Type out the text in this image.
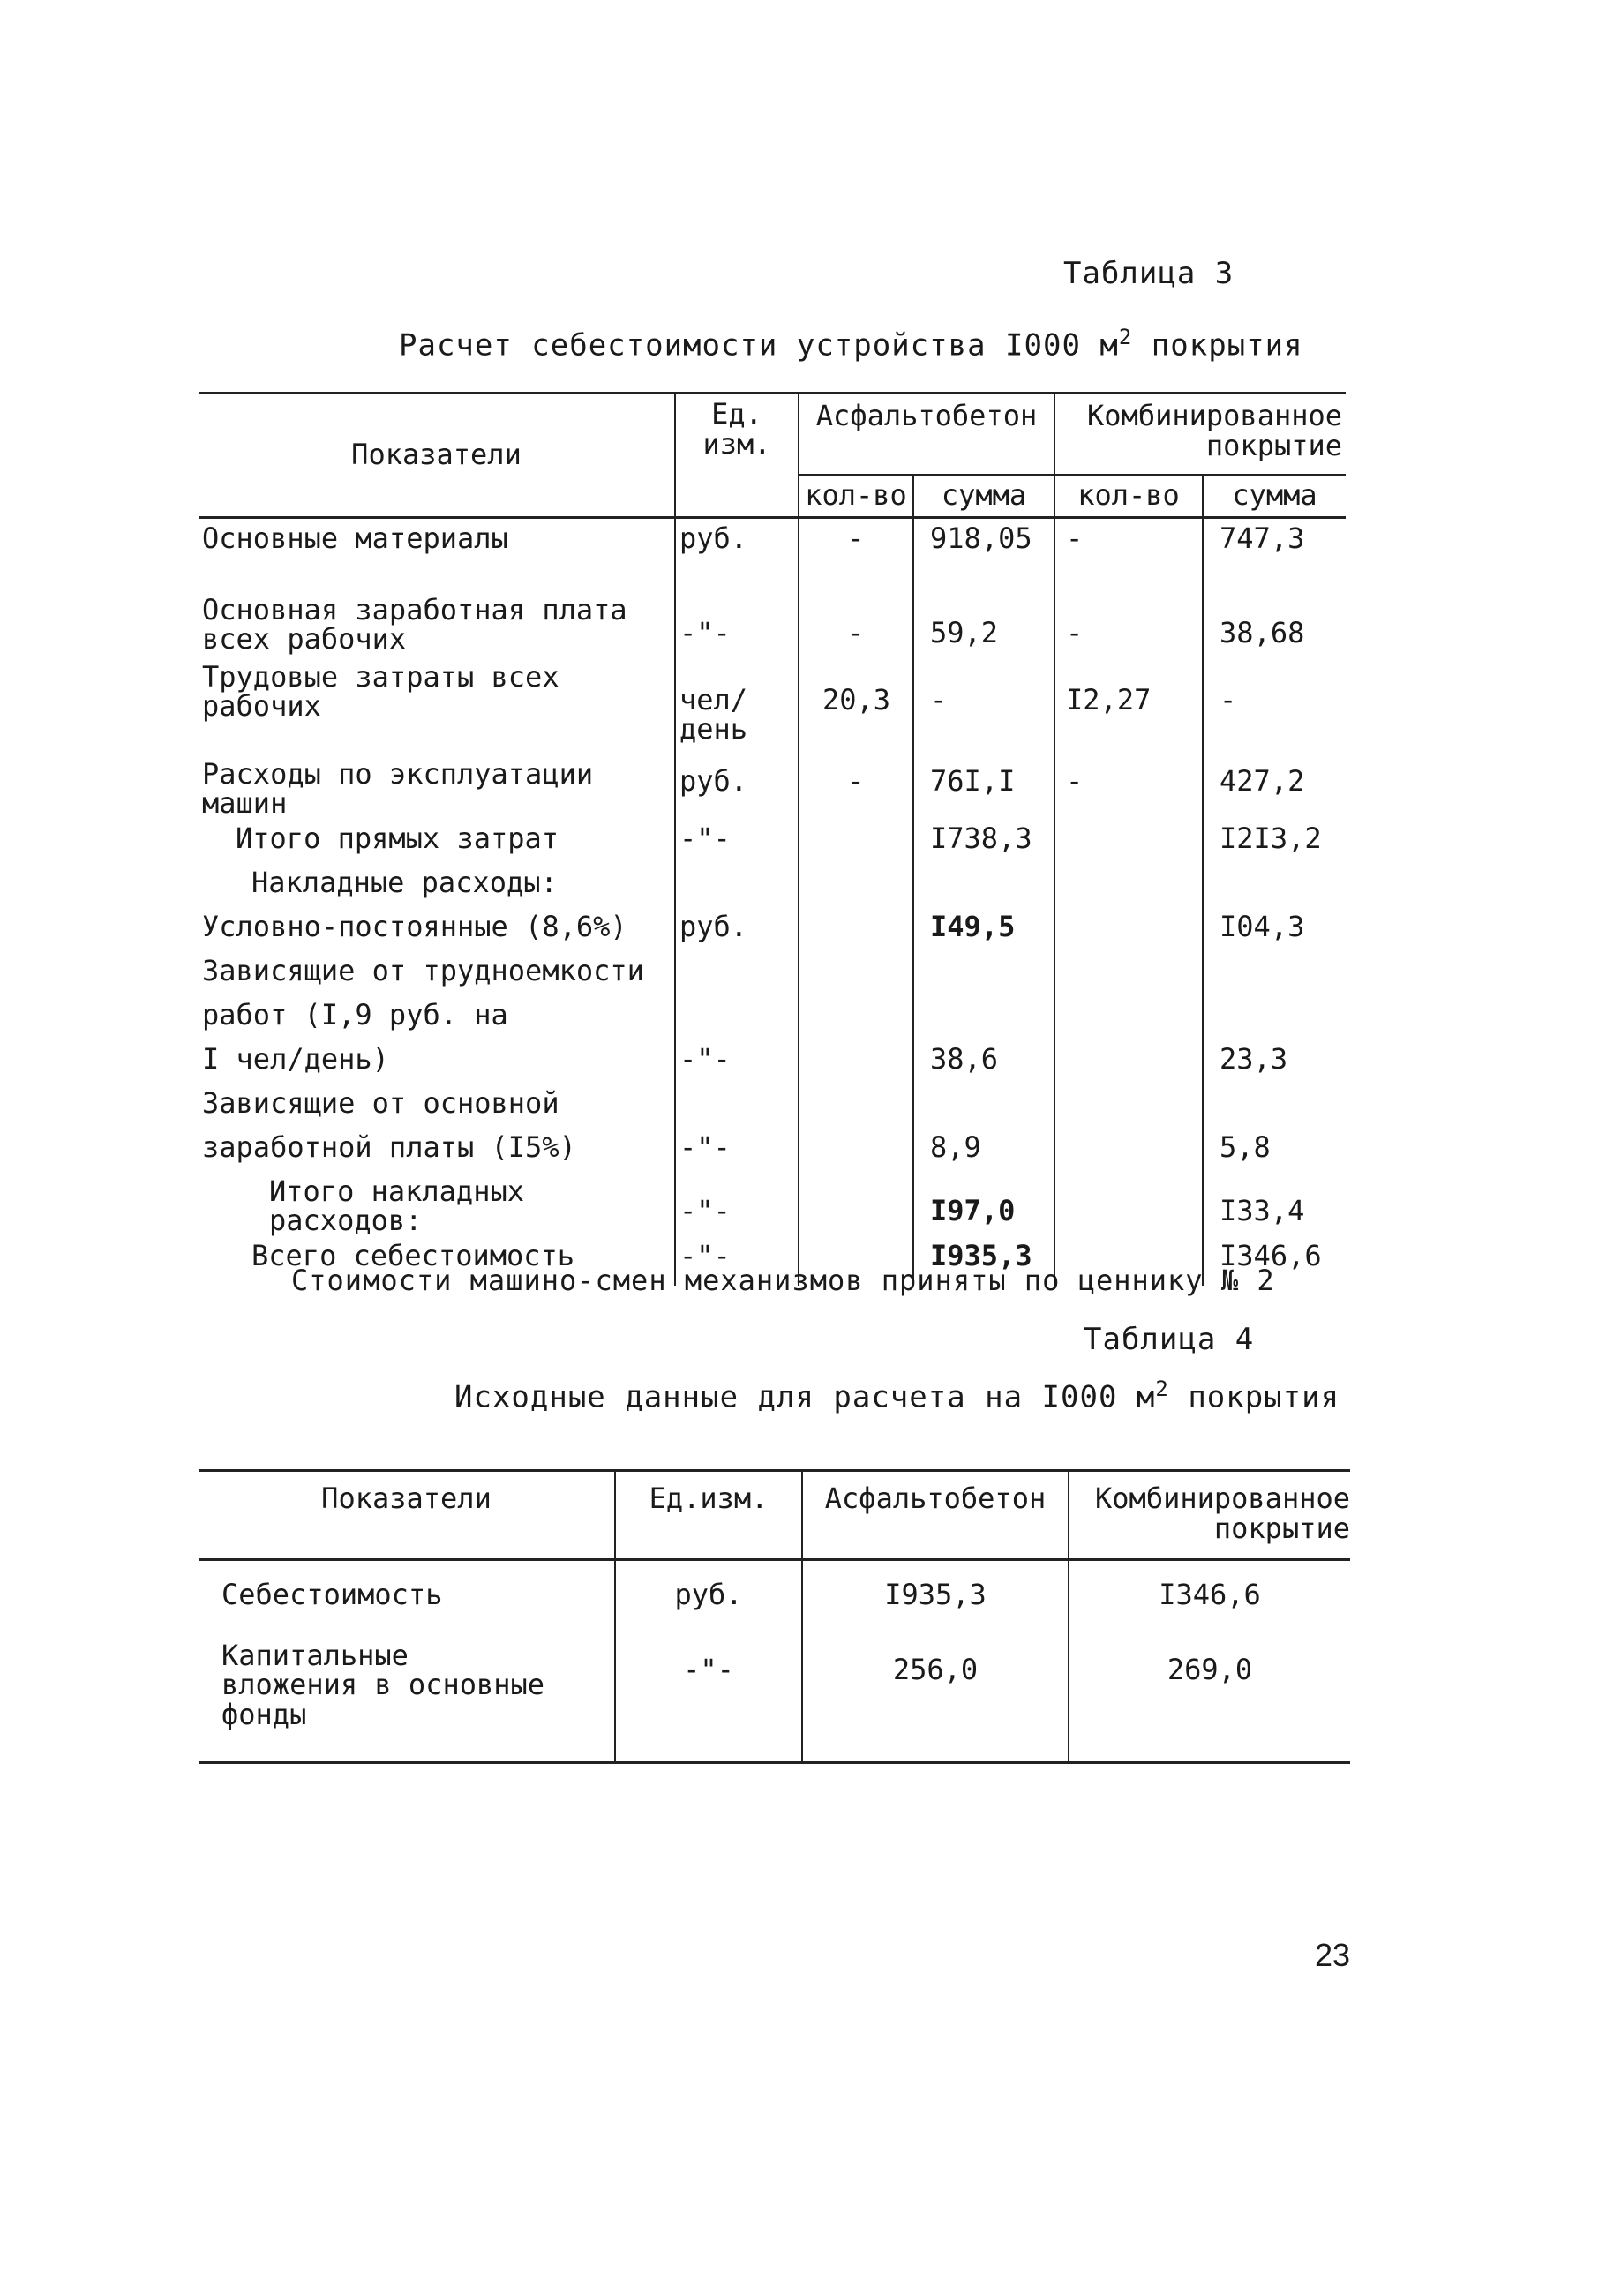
Таблица 3
Расчет себестоимости устройства I000 $м^2$ покрытия
Показатели	Ед. изм.	Асфальтобетон		Комбинированное покрытие	
		кол-во	сумма	кол-во	сумма
Основные материалы	руб.	-	918,05	-	747,3
Основная заработная плата всех рабочих	-"-	-	59,2	-	38,68
Трудовые затраты всех рабочих	чел/ день	20,3	-	I2,27	-
Расходы по эксплуатации машин	руб.	-	76I,I	-	427,2
Итого прямых затрат	-"-		I738,3		I2I3,2
Накладные расходы:					
Условно-постоянные (8,6%)	руб.		I49,5		I04,3
Зависящие от трудноемкости					
работ (I,9 руб. на					
I чел/день)	-"-		38,6		23,3
Зависящие от основной					
заработной платы (I5%)	-"-		8,9		5,8
Итого накладных расходов:	-"-		I97,0		I33,4
Всего себестоимость	-"-		I935,3		I346,6
Стоимости машино-смен механизмов приняты по ценнику № 2
Таблица 4
Исходные данные для расчета на I000 $м^2$ покрытия
Показатели	Ед.изм.	Асфальтобетон	Комбинированное покрытие
Себестоимость	руб.	I935,3	I346,6
Капитальные вложения в основные фонды	-"-	256,0	269,0
23
